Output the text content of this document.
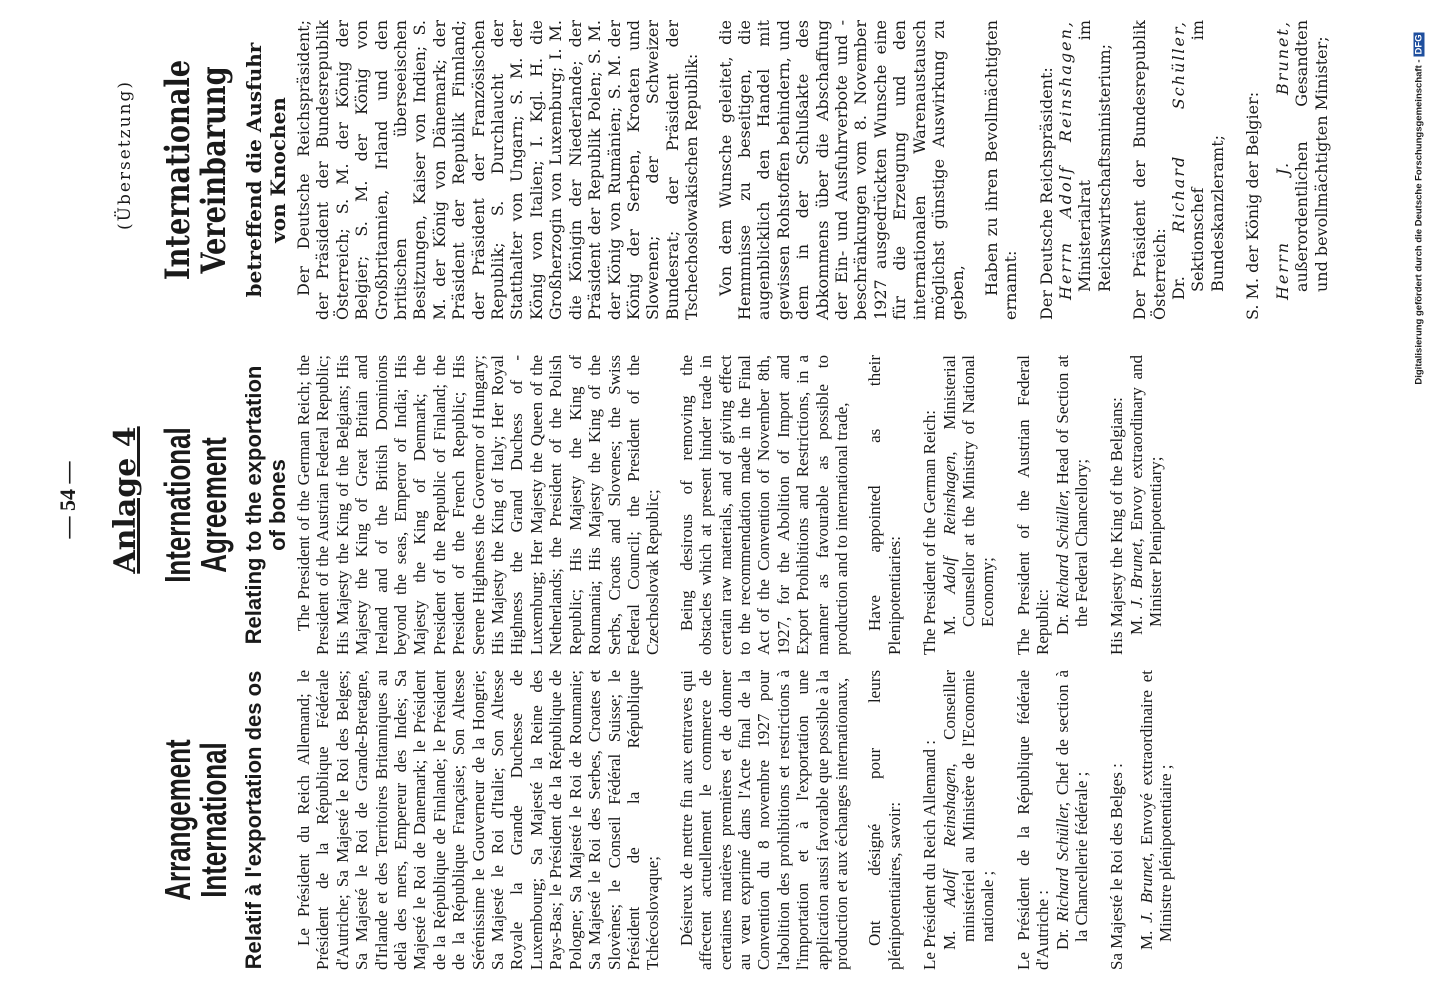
— 54 — Anlage 4
(Übersetzung)
Arrangement
International Relatif à l'exportation des os	Le Président du Reich Allemand; le Président de la République Fédérale d'Autriche; Sa Majesté le Roi des Belges; Sa Majesté le Roi de Grande-Bretagne, d'Irlande et des Territoires Britanniques au delà des mers, Empereur des Indes; Sa Majesté le Roi de Danemark; le Président de la République de Finlande; le Président de la République Française; Son Altesse Sérénissime le Gouverneur de la Hongrie; Sa Majesté le Roi d'Italie; Son Altesse Royale la Grande Duchesse de Luxembourg; Sa Majesté la Reine des Pays-Bas; le Président de la République de Pologne; Sa Majesté le Roi de Roumanie; Sa Majesté le Roi des Serbes, Croates et Slovènes; le Conseil Fédéral Suisse; le Président de la République Tchécoslovaque; Désireux de mettre fin aux entraves qui affectent actuellement le commerce de certaines matières premières et de donner au vœu exprimé dans l'Acte final de la Convention du 8 novembre 1927 pour l'abolition des prohibitions et restrictions à l'importation et à l'exportation une application aussi favorable que possible à la production et aux échanges internationaux, Ont désigné pour leurs plénipotentiaires, savoir: Le Président du Reich Allemand : M. Adolf Reinshagen, Conseiller ministériel au Ministère de l'Economie nationale ; Le Président de la République fédérale d'Autriche : Dr. Richard Schüller, Chef de section à la Chancellerie fédérale ; Sa Majesté le Roi des Belges : M. J. Brunet, Envoyé extraordinaire et Ministre plénipotentiaire ;

International
Agreement Relating to the exportation of bones The President of the German Reich; the President of the Austrian Federal Republic; His Majesty the King of the Belgians; His Majesty the King of Great Britain and Ireland and of the British Dominions beyond the seas, Emperor of India; His Majesty the King of Denmark; the President of the Republic of Finland; the President of the French Republic; His Serene Highness the Governor of Hungary; His Majesty the King of Italy; Her Royal Highness the Grand Duchess of -Luxemburg; Her Majesty the Queen of the Netherlands; the President of the Polish Republic; His Majesty the King of Roumania; His Majesty the King of the Serbs, Croats and Slovenes; the Swiss Federal Council; the President of the Czechoslovak Republic; Being desirous of removing the obstacles which at present hinder trade in certain raw materials, and of giving effect to the recommendation made in the Final Act of the Convention of November 8th, 1927, for the Abolition of Import and Export Prohibitions and Restrictions, in a manner as favourable as possible to production and to international trade, Have appointed as their Plenipotentiaries: The President of the German Reich: M. Adolf Reinshagen, Ministerial Counsellor at the Ministry of National Economy; The President of the Austrian Federal Republic: Dr. Richard Schüller, Head of Section at the Federal Chancellory; His Majesty the King of the Belgians: M. J. Brunet, Envoy extraordinary and Minister Plenipotentiary;

Internationale
Vereinbarung betreffend die Ausfuhr von Knochen Der Deutsche Reichspräsident; der Präsident der Bundesrepublik Österreich; S. M. der König der Belgier; S. M. der König von Großbritannien, Irland und den britischen überseeischen Besitzungen, Kaiser von Indien; S. M. der König von Dänemark; der Präsident der Republik Finnland; der Präsident der Französischen Republik; S. Durchlaucht der Statthalter von Ungarn; S. M. der König von Italien; I. Kgl. H. die Großherzogin von Luxemburg; I. M. die Königin der Niederlande; der Präsident der Republik Polen; S. M. der König von Rumänien; S. M. der König der Serben, Kroaten und Slowenen; der Schweizer Bundesrat; der Präsident der Tschechoslowakischen Republik: Von dem Wunsche geleitet, die Hemmnisse zu beseitigen, die augenblicklich den Handel mit gewissen Rohstoffen behindern, und dem in der Schlußakte des Abkommens über die Abschaffung der Ein- und Ausfuhrverbote und -beschränkungen vom 8. November 1927 ausgedrückten Wunsche eine für die Erzeugung und den internationalen Warenaustausch möglichst günstige Auswirkung zu geben, Haben zu ihren Bevollmächtigten ernannt: Der Deutsche Reichspräsident: Herrn Adolf Reinshagen, Ministerialrat im Reichswirtschaftsministerium; Der Präsident der Bundesrepublik Österreich: Dr. Richard Schüller, Sektionschef im Bundeskanzleramt; S. M. der König der Belgier: Herrn J. Brunet, außerordentlichen Gesandten und bevollmächtigten Minister;	Digitalisierung gefördert durch die Deutsche Forschungsgemeinschaft -DFG
